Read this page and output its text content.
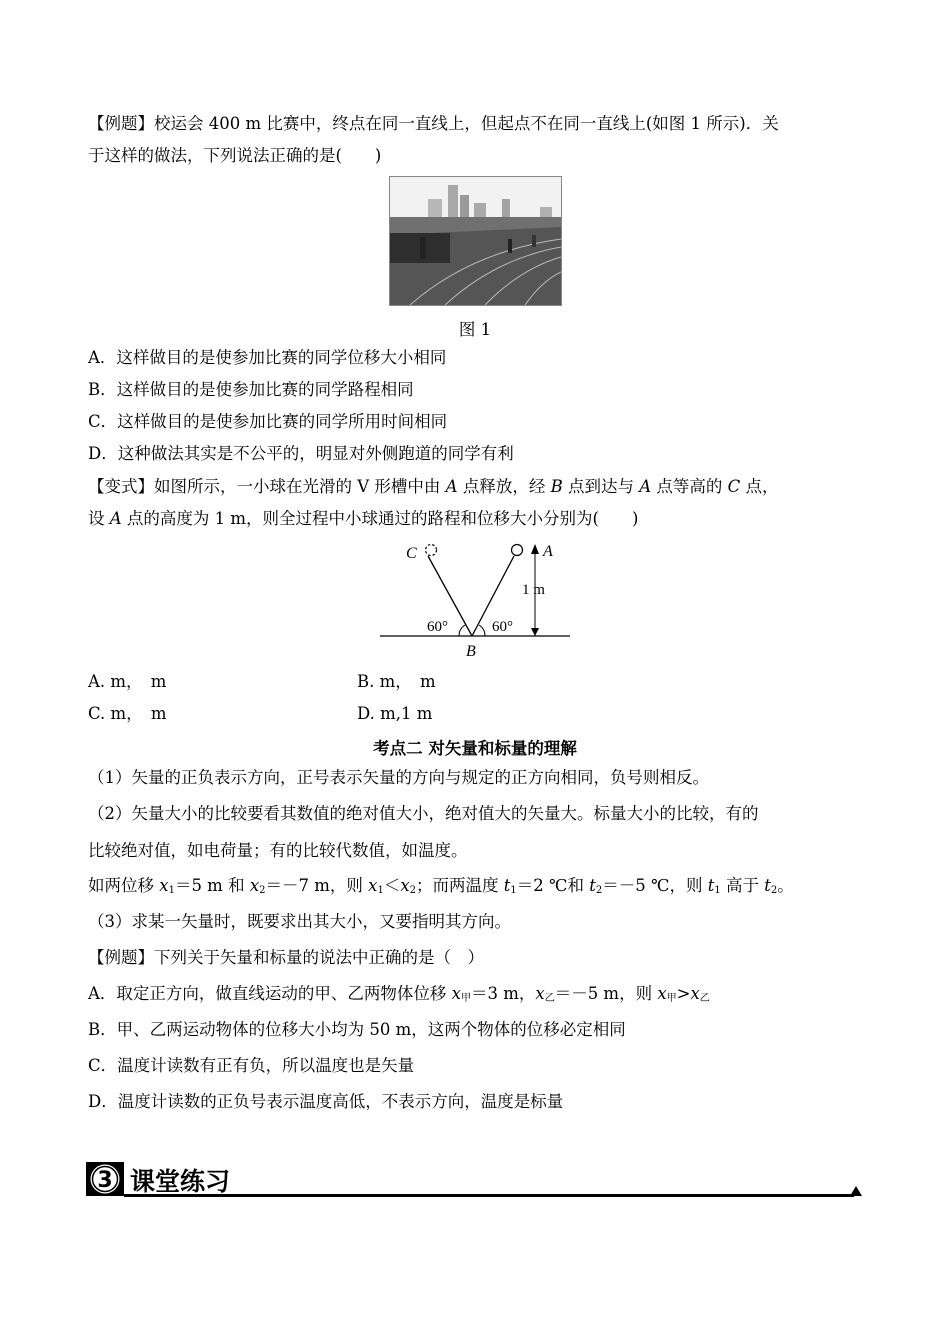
【例题】校运会 400 m 比赛中，终点在同一直线上，但起点不在同一直线上(如图 1 所示)．关
于这样的做法，下列说法正确的是(　　)
图 1
A．这样做目的是使参加比赛的同学位移大小相同
B．这样做目的是使参加比赛的同学路程相同
C．这样做目的是使参加比赛的同学所用时间相同
D．这种做法其实是不公平的，明显对外侧跑道的同学有利
【变式】如图所示，一小球在光滑的 V 形槽中由 A 点释放，经 B 点到达与 A 点等高的 C 点，
设 A 点的高度为 1 m，则全过程中小球通过的路程和位移大小分别为(　　)
C	A
B
1 m
60°	60°
A. m，　m	B. m，　m
C. m，　m	D. m,1 m
考点二 对矢量和标量的理解
（1）矢量的正负表示方向，正号表示矢量的方向与规定的正方向相同，负号则相反。
（2）矢量大小的比较要看其数值的绝对值大小，绝对值大的矢量大。标量大小的比较，有的
比较绝对值，如电荷量；有的比较代数值，如温度。
如两位移 $x_1=5$ m 和 $x_2=-7$ m，则 $x_1<x_2$；而两温度 $t_1=2$ ℃和 $t_2=-5$ ℃，则 $t_1$ 高于 $t_2$。
（3）求某一矢量时，既要求出其大小，又要指明其方向。
【例题】下列关于矢量和标量的说法中正确的是（　）
A．取定正方向，做直线运动的甲、乙两物体位移 $x_甲=3$ m，$x_乙=-5$ m，则 $x_甲>x_乙$
B．甲、乙两运动物体的位移大小均为 50 m，这两个物体的位移必定相同
C．温度计读数有正有负，所以温度也是矢量
D．温度计读数的正负号表示温度高低，不表示方向，温度是标量
3 课堂练习
